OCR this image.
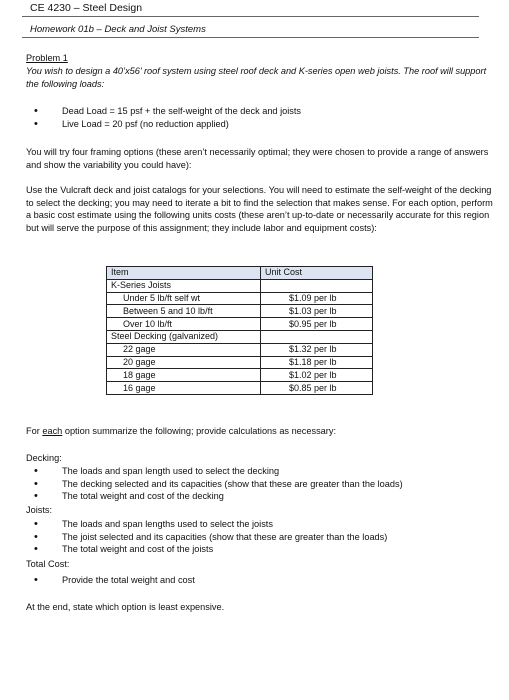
CE 4230 – Steel Design
Homework 01b – Deck and Joist Systems
Problem 1
You wish to design a 40’x56’ roof system using steel roof deck and K-series open web joists. The roof will support the following loads:
• Dead Load = 15 psf + the self-weight of the deck and joists
• Live Load = 20 psf (no reduction applied)
You will try four framing options (these aren’t necessarily optimal; they were chosen to provide a range of answers and show the variability you could have):
Use the Vulcraft deck and joist catalogs for your selections. You will need to estimate the self-weight of the decking to select the decking; you may need to iterate a bit to find the selection that makes sense. For each option, perform a basic cost estimate using the following units costs (these aren’t up-to-date or necessarily accurate for this region but will serve the purpose of this assignment; they include labor and equipment costs):
Item	Unit Cost
K-Series Joists	
Under 5 lb/ft self wt	$1.09 per lb
Between 5 and 10 lb/ft	$1.03 per lb
Over 10 lb/ft	$0.95 per lb
Steel Decking (galvanized)	
22 gage	$1.32 per lb
20 gage	$1.18 per lb
18 gage	$1.02 per lb
16 gage	$0.85 per lb
For each option summarize the following; provide calculations as necessary:
Decking:
• The loads and span length used to select the decking
• The decking selected and its capacities (show that these are greater than the loads)
• The total weight and cost of the decking
Joists:
• The loads and span lengths used to select the joists
• The joist selected and its capacities (show that these are greater than the loads)
• The total weight and cost of the joists
Total Cost:
• Provide the total weight and cost
At the end, state which option is least expensive.
